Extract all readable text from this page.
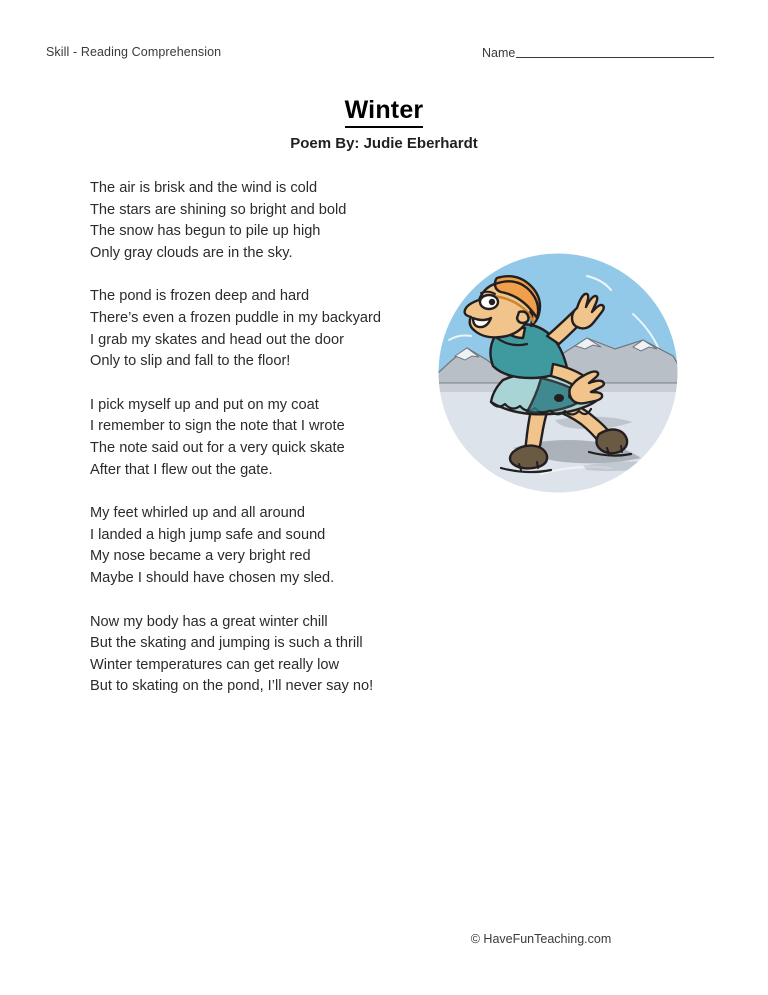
Skill - Reading Comprehension	Name
Winter
Poem By: Judie Eberhardt
The air is brisk and the wind is cold
The stars are shining so bright and bold
The snow has begun to pile up high
Only gray clouds are in the sky.
The pond is frozen deep and hard
There’s even a frozen puddle in my backyard
I grab my skates and head out the door
Only to slip and fall to the floor!
I pick myself up and put on my coat
I remember to sign the note that I wrote
The note said out for a very quick skate
After that I flew out the gate.
My feet whirled up and all around
I landed a high jump safe and sound
My nose became a very bright red
Maybe I should have chosen my sled.
Now my body has a great winter chill
But the skating and jumping is such a thrill
Winter temperatures can get really low
But to skating on the pond, I’ll never say no!
© HaveFunTeaching.com
